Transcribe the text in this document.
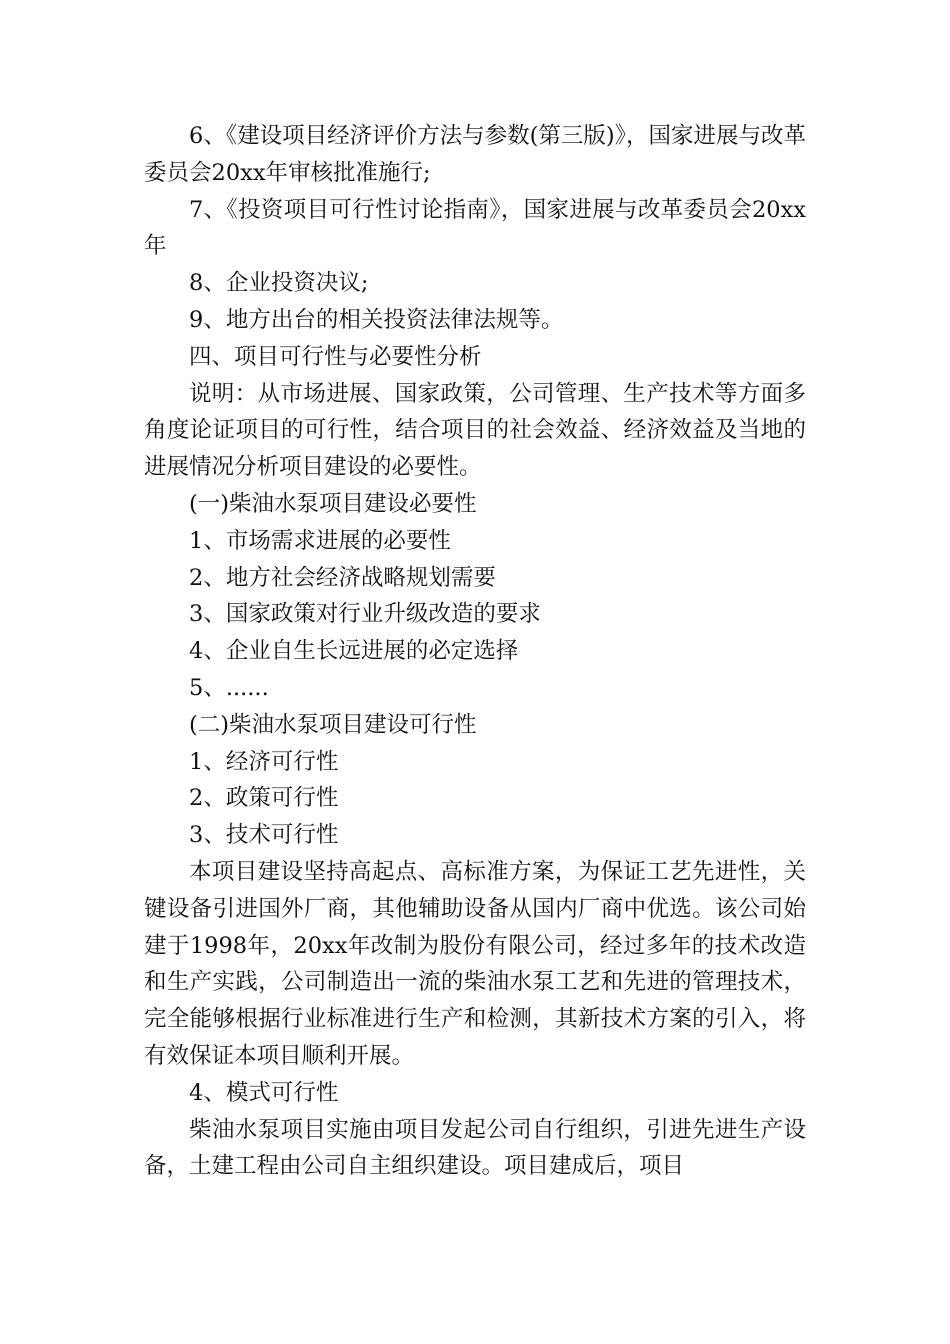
6、《建设项目经济评价方法与参数(第三版)》，国家进展与改革委员会20xx年审核批准施行;

7、《投资项目可行性讨论指南》，国家进展与改革委员会20xx年

8、企业投资决议;

9、地方出台的相关投资法律法规等。

四、项目可行性与必要性分析

说明：从市场进展、国家政策，公司管理、生产技术等方面多角度论证项目的可行性，结合项目的社会效益、经济效益及当地的进展情况分析项目建设的必要性。

(一)柴油水泵项目建设必要性

1、市场需求进展的必要性

2、地方社会经济战略规划需要

3、国家政策对行业升级改造的要求

4、企业自生长远进展的必定选择

5、......

(二)柴油水泵项目建设可行性

1、经济可行性

2、政策可行性

3、技术可行性

本项目建设坚持高起点、高标准方案，为保证工艺先进性，关键设备引进国外厂商，其他辅助设备从国内厂商中优选。该公司始建于1998年，20xx年改制为股份有限公司，经过多年的技术改造和生产实践，公司制造出一流的柴油水泵工艺和先进的管理技术，完全能够根据行业标准进行生产和检测，其新技术方案的引入，将有效保证本项目顺利开展。

4、模式可行性

柴油水泵项目实施由项目发起公司自行组织，引进先进生产设备，土建工程由公司自主组织建设。项目建成后，项目
